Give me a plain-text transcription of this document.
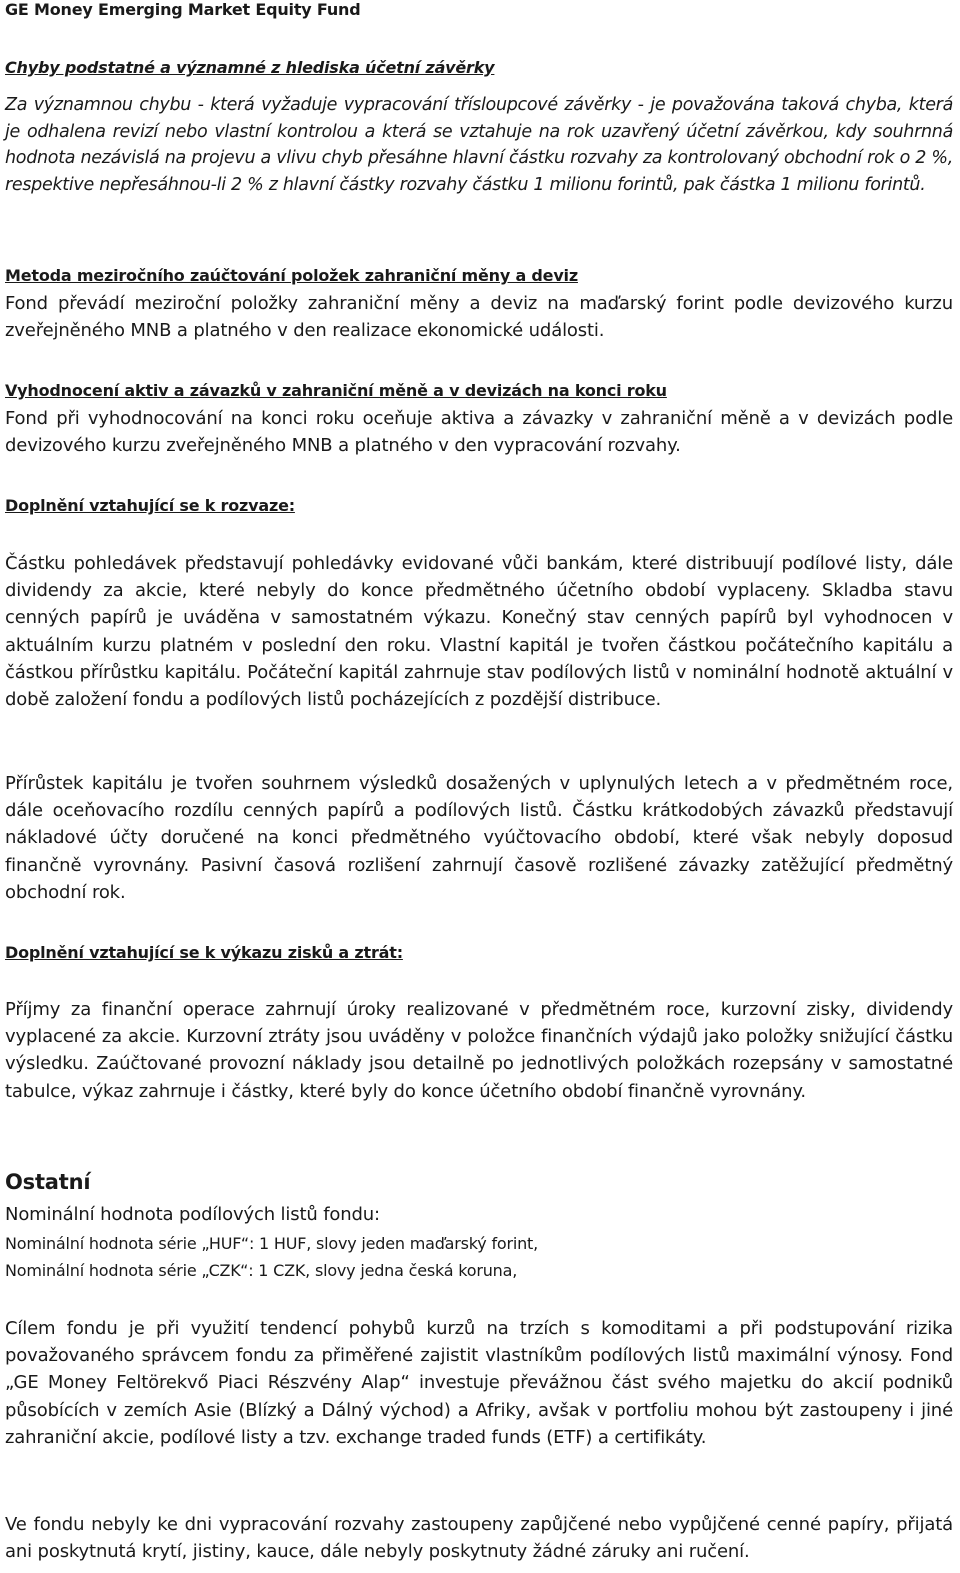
GE Money Emerging Market Equity Fund
Chyby podstatné a významné z hlediska účetní závěrky
Za významnou chybu - která vyžaduje vypracování třísloupcové závěrky - je považována taková chyba, která je odhalena revizí nebo vlastní kontrolou a která se vztahuje na rok uzavřený účetní závěrkou, kdy souhrnná hodnota nezávislá na projevu a vlivu chyb přesáhne hlavní částku rozvahy za kontrolovaný obchodní rok o 2 %, respektive nepřesáhnou-li 2 % z hlavní částky rozvahy částku 1 milionu forintů, pak částka 1 milionu forintů.
Metoda meziročního zaúčtování položek zahraniční měny a deviz
Fond převádí meziroční položky zahraniční měny a deviz na maďarský forint podle devizového kurzu zveřejněného MNB a platného v den realizace ekonomické události.
Vyhodnocení aktiv a závazků v zahraniční měně a v devizách na konci roku
Fond při vyhodnocování na konci roku oceňuje aktiva a závazky v zahraniční měně a v devizách podle devizového kurzu zveřejněného MNB a platného v den vypracování rozvahy.
Doplnění vztahující se k rozvaze:
Částku pohledávek představují pohledávky evidované vůči bankám, které distribuují podílové listy, dále dividendy za akcie, které nebyly do konce předmětného účetního období vyplaceny. Skladba stavu cenných papírů je uváděna v samostatném výkazu. Konečný stav cenných papírů byl vyhodnocen v aktuálním kurzu platném v poslední den roku. Vlastní kapitál je tvořen částkou počátečního kapitálu a částkou přírůstku kapitálu. Počáteční kapitál zahrnuje stav podílových listů v nominální hodnotě aktuální v době založení fondu a podílových listů pocházejících z pozdější distribuce.
Přírůstek kapitálu je tvořen souhrnem výsledků dosažených v uplynulých letech a v předmětném roce, dále oceňovacího rozdílu cenných papírů a podílových listů. Částku krátkodobých závazků představují nákladové účty doručené na konci předmětného vyúčtovacího období, které však nebyly doposud finančně vyrovnány. Pasivní časová rozlišení zahrnují časově rozlišené závazky zatěžující předmětný obchodní rok.
Doplnění vztahující se k výkazu zisků a ztrát:
Příjmy za finanční operace zahrnují úroky realizované v předmětném roce, kurzovní zisky, dividendy vyplacené za akcie. Kurzovní ztráty jsou uváděny v položce finančních výdajů jako položky snižující částku výsledku. Zaúčtované provozní náklady jsou detailně po jednotlivých položkách rozepsány v samostatné tabulce, výkaz zahrnuje i částky, které byly do konce účetního období finančně vyrovnány.
Ostatní
Nominální hodnota podílových listů fondu:
Nominální hodnota série „HUF“: 1 HUF, slovy jeden maďarský forint,
Nominální hodnota série „CZK“: 1 CZK, slovy jedna česká koruna,
Cílem fondu je při využití tendencí pohybů kurzů na trzích s komoditami a při podstupování rizika považovaného správcem fondu za přiměřené zajistit vlastníkům podílových listů maximální výnosy. Fond „GE Money Feltörekvő Piaci Részvény Alap“ investuje převážnou část svého majetku do akcií podniků působících v zemích Asie (Blízký a Dálný východ) a Afriky, avšak v portfoliu mohou být zastoupeny i jiné zahraniční akcie, podílové listy a tzv. exchange traded funds (ETF) a certifikáty.
Ve fondu nebyly ke dni vypracování rozvahy zastoupeny zapůjčené nebo vypůjčené cenné papíry, přijatá ani poskytnutá krytí, jistiny, kauce, dále nebyly poskytnuty žádné záruky ani ručení.
